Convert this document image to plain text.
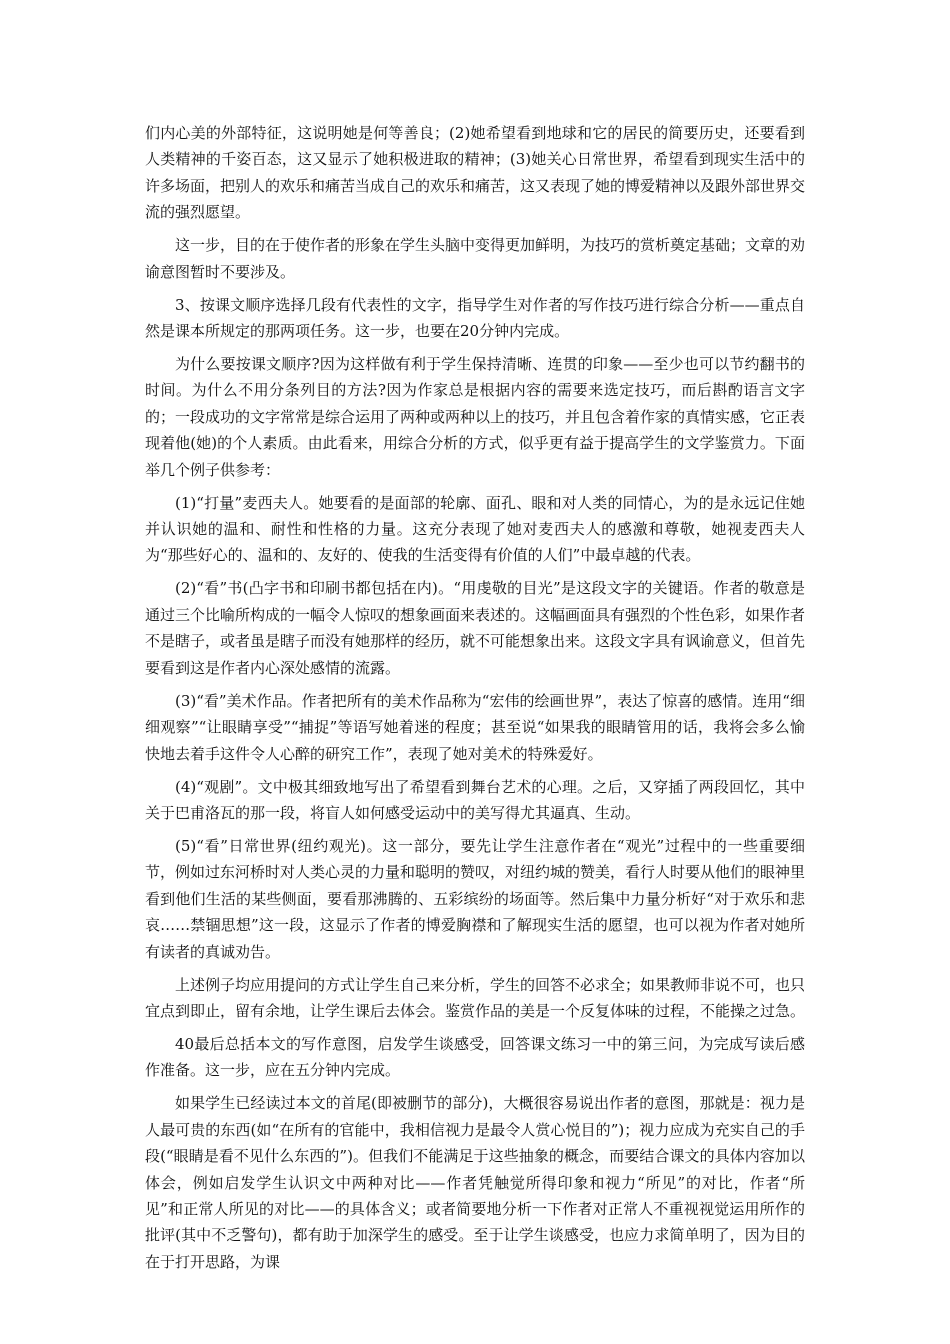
们内心美的外部特征，这说明她是何等善良；(2)她希望看到地球和它的居民的简要历史，还要看到人类精神的千姿百态，这又显示了她积极进取的精神；(3)她关心日常世界，希望看到现实生活中的许多场面，把别人的欢乐和痛苦当成自己的欢乐和痛苦，这又表现了她的博爱精神以及跟外部世界交流的强烈愿望。

这一步，目的在于使作者的形象在学生头脑中变得更加鲜明，为技巧的赏析奠定基础；文章的劝谕意图暂时不要涉及。

3、按课文顺序选择几段有代表性的文字，指导学生对作者的写作技巧进行综合分析——重点自然是课本所规定的那两项任务。这一步，也要在20分钟内完成。

为什么要按课文顺序?因为这样做有利于学生保持清晰、连贯的印象——至少也可以节约翻书的时间。为什么不用分条列目的方法?因为作家总是根据内容的需要来选定技巧，而后斟酌语言文字的；一段成功的文字常常是综合运用了两种或两种以上的技巧，并且包含着作家的真情实感，它正表现着他(她)的个人素质。由此看来，用综合分析的方式，似乎更有益于提高学生的文学鉴赏力。下面举几个例子供参考：

(1)“打量”麦西夫人。她要看的是面部的轮廓、面孔、眼和对人类的同情心，为的是永远记住她并认识她的温和、耐性和性格的力量。这充分表现了她对麦西夫人的感激和尊敬，她视麦西夫人为“那些好心的、温和的、友好的、使我的生活变得有价值的人们”中最卓越的代表。

(2)“看”书(凸字书和印刷书都包括在内)。“用虔敬的目光”是这段文字的关键语。作者的敬意是通过三个比喻所构成的一幅令人惊叹的想象画面来表述的。这幅画面具有强烈的个性色彩，如果作者不是瞎子，或者虽是瞎子而没有她那样的经历，就不可能想象出来。这段文字具有讽谕意义，但首先要看到这是作者内心深处感情的流露。

(3)“看”美术作品。作者把所有的美术作品称为“宏伟的绘画世界”，表达了惊喜的感情。连用“细细观察”“让眼睛享受”“捕捉”等语写她着迷的程度；甚至说“如果我的眼睛管用的话，我将会多么愉快地去着手这件令人心醉的研究工作”，表现了她对美术的特殊爱好。

(4)“观剧”。文中极其细致地写出了希望看到舞台艺术的心理。之后，又穿插了两段回忆，其中关于巴甫洛瓦的那一段，将盲人如何感受运动中的美写得尤其逼真、生动。

(5)“看”日常世界(纽约观光)。这一部分，要先让学生注意作者在“观光”过程中的一些重要细节，例如过东河桥时对人类心灵的力量和聪明的赞叹，对纽约城的赞美，看行人时要从他们的眼神里看到他们生活的某些侧面，要看那沸腾的、五彩缤纷的场面等。然后集中力量分析好“对于欢乐和悲哀……禁锢思想”这一段，这显示了作者的博爱胸襟和了解现实生活的愿望，也可以视为作者对她所有读者的真诚劝告。

上述例子均应用提问的方式让学生自己来分析，学生的回答不必求全；如果教师非说不可，也只宜点到即止，留有余地，让学生课后去体会。鉴赏作品的美是一个反复体味的过程，不能操之过急。

40最后总括本文的写作意图，启发学生谈感受，回答课文练习一中的第三问，为完成写读后感作准备。这一步，应在五分钟内完成。

如果学生已经读过本文的首尾(即被删节的部分)，大概很容易说出作者的意图，那就是：视力是人最可贵的东西(如“在所有的官能中，我相信视力是最令人赏心悦目的”)；视力应成为充实自己的手段(“眼睛是看不见什么东西的”)。但我们不能满足于这些抽象的概念，而要结合课文的具体内容加以体会，例如启发学生认识文中两种对比——作者凭触觉所得印象和视力“所见”的对比，作者“所见”和正常人所见的对比——的具体含义；或者简要地分析一下作者对正常人不重视视觉运用所作的批评(其中不乏警句)，都有助于加深学生的感受。至于让学生谈感受，也应力求简单明了，因为目的在于打开思路，为课
